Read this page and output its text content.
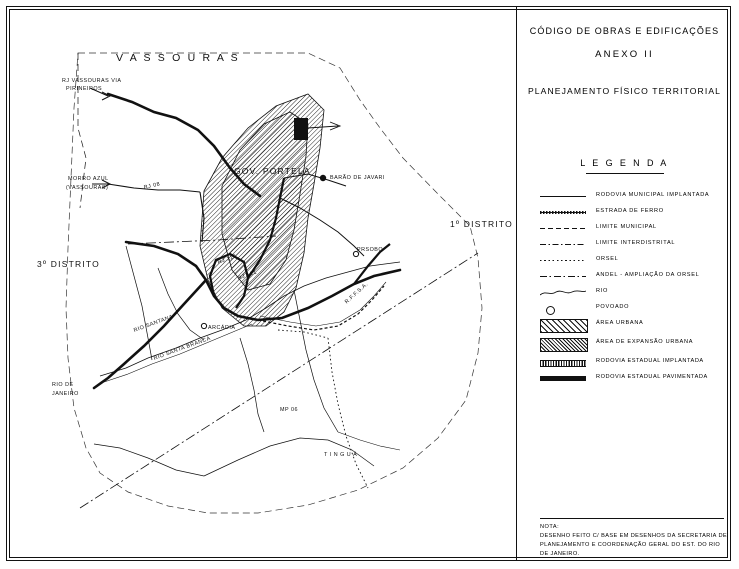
V A S S O U R A S
RJ VASSOURAS VIA
PIRINEIROS
MORRO AZUL
(VASSOURAS)	RJ 08
GOV. PORTELA
BARÃO DE JAVARI
1º DISTRITO
3º DISTRITO
PRSOBO
RJ 125
RJ 121
R.F.F.S.A.
ARCÁDIA
RIO SANTANA
RIO SANTA BRANCA
RIO DE
JANEIRO
MP 06
T I N G U Á
CÓDIGO DE OBRAS E EDIFICAÇÕES
ANEXO II
PLANEJAMENTO FÍSICO TERRITORIAL
L E G E N D A
RODOVIA MUNICIPAL IMPLANTADA
ESTRADA DE FERRO
LIMITE MUNICIPAL
LIMITE INTERDISTRITAL
ORSEL
ANDEL - AMPLIAÇÃO DA ORSEL
RIO
POVOADO
ÁREA URBANA
ÁREA DE EXPANSÃO URBANA
RODOVIA ESTADUAL IMPLANTADA
RODOVIA ESTADUAL PAVIMENTADA
NOTA:
DESENHO FEITO C/ BASE EM DESENHOS DA SECRETARIA DE PLANEJAMENTO E COORDENAÇÃO GERAL DO EST. DO RIO DE JANEIRO.
